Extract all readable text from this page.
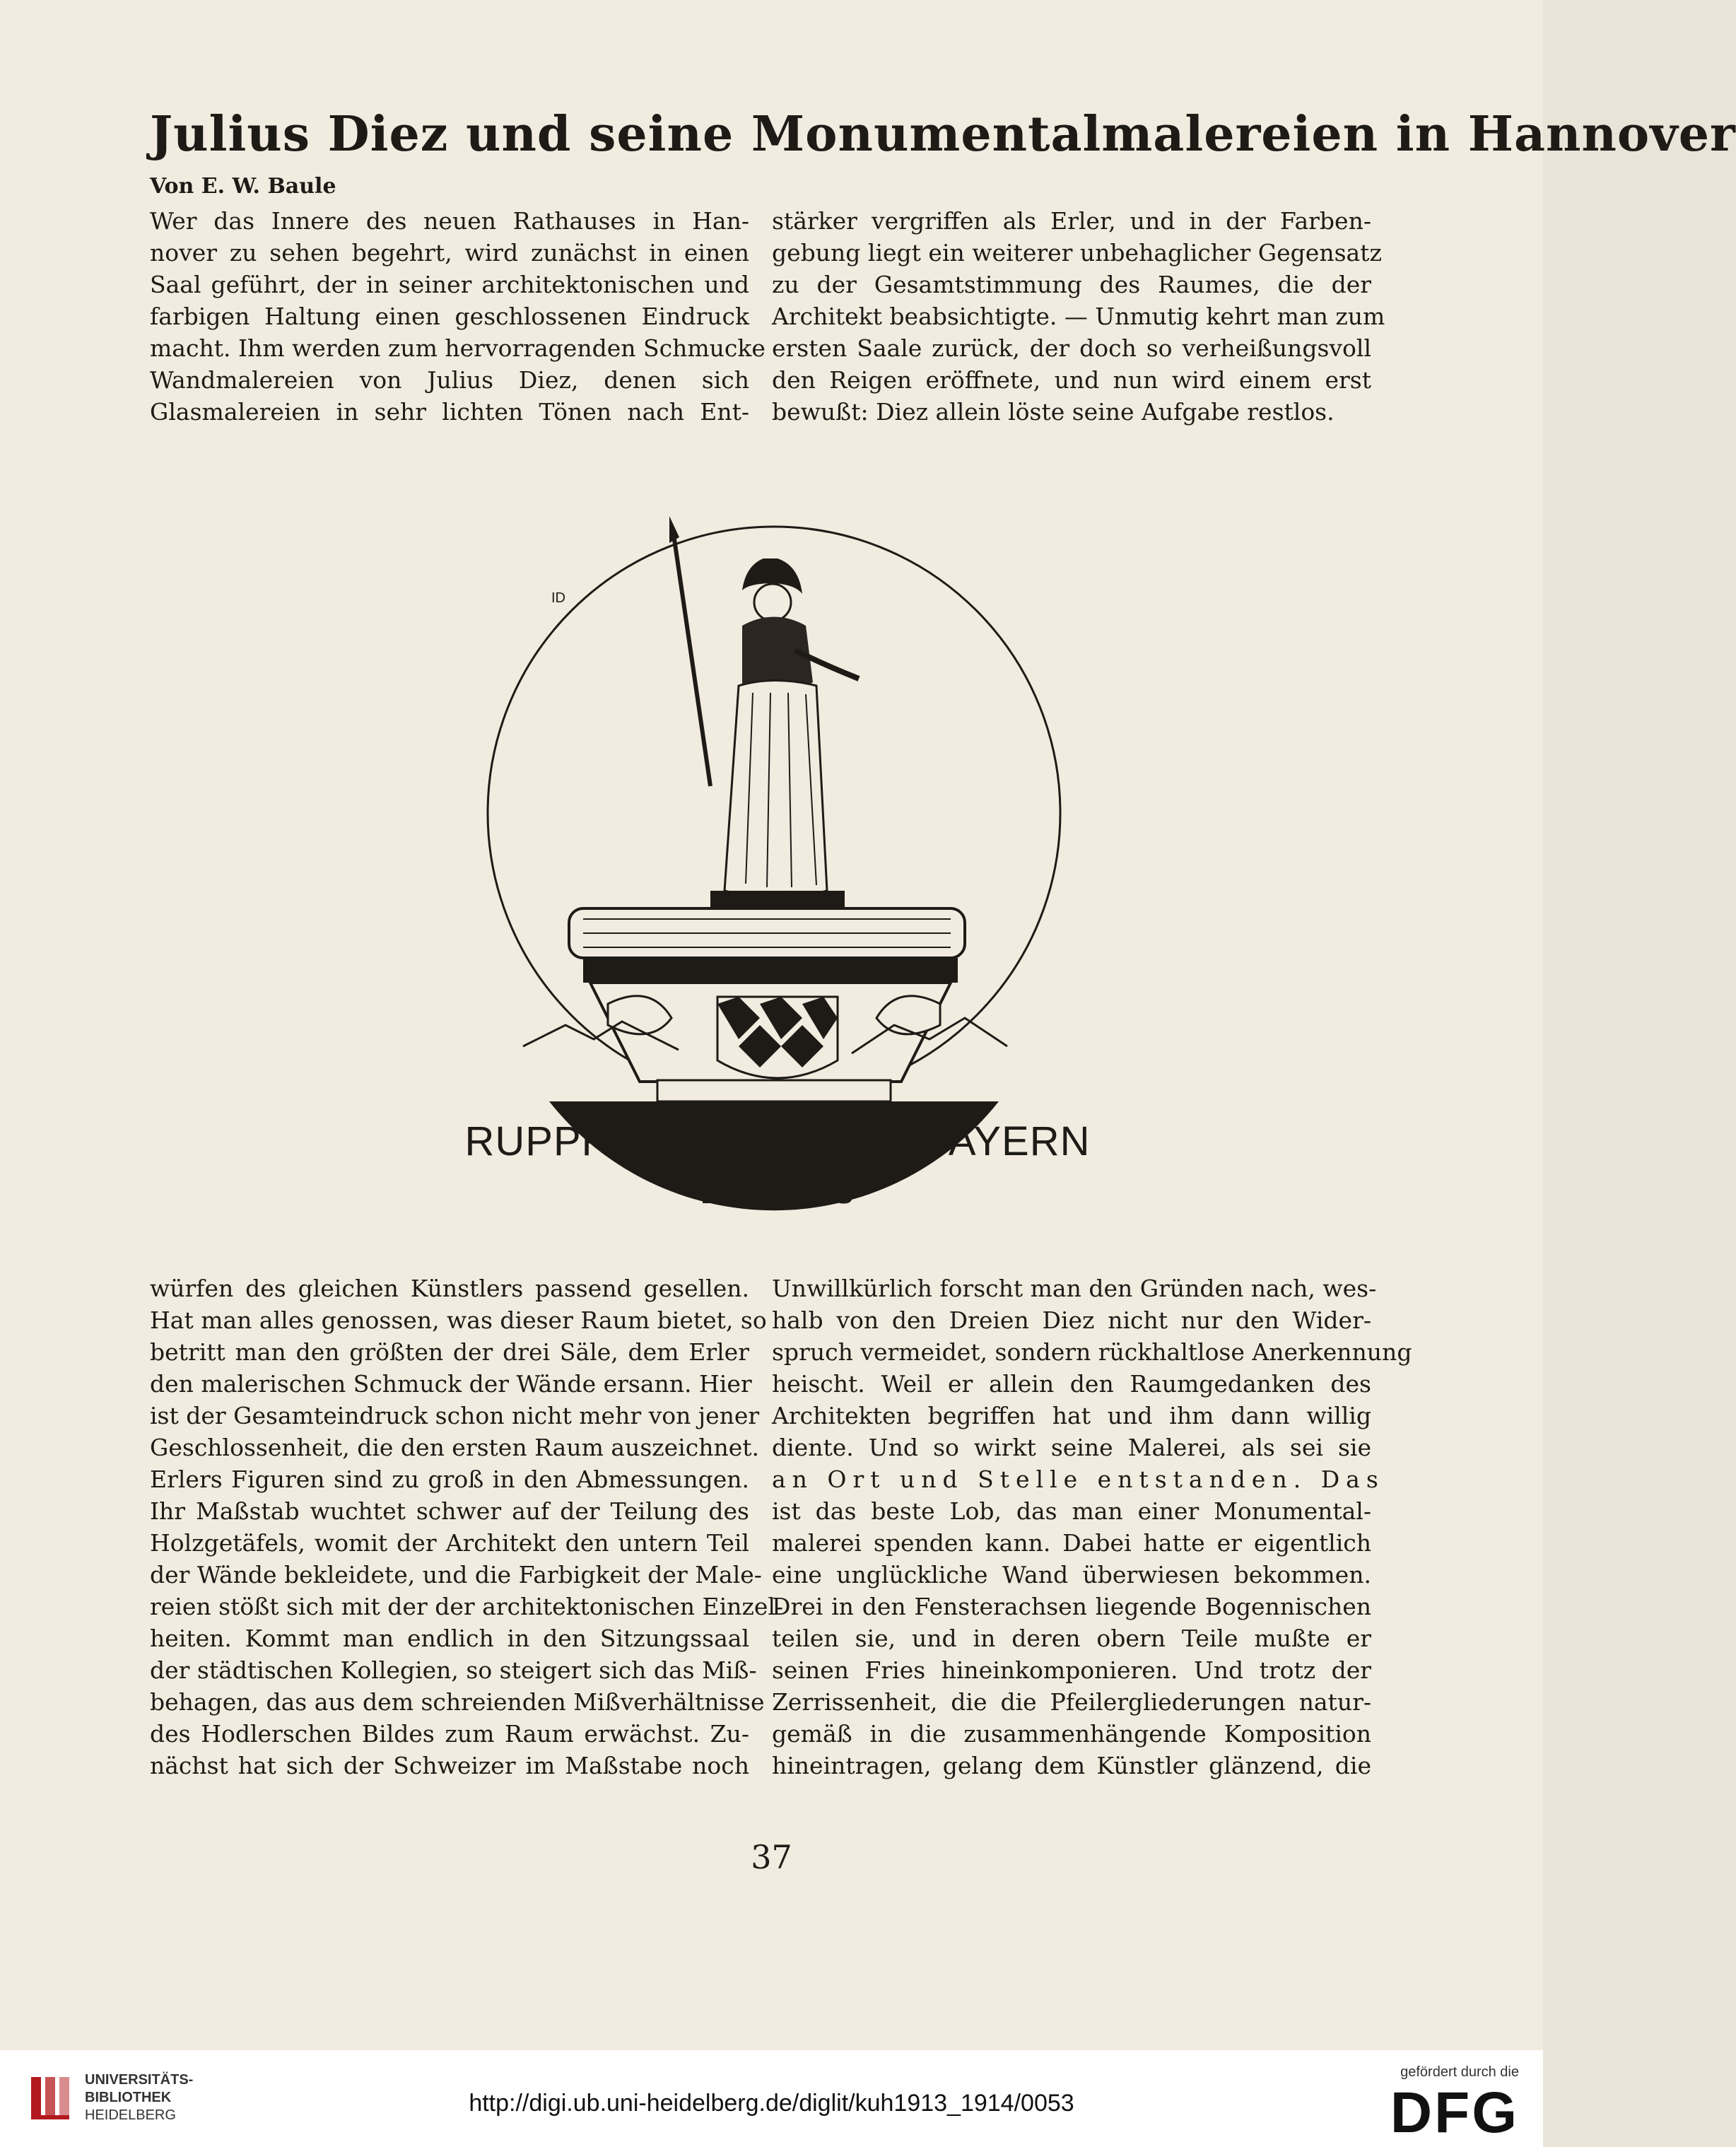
Julius Diez und seine Monumentalmalereien in Hannover
Von E. W. Baule
Wer das Innere des neuen Rathauses in Han-
nover zu sehen begehrt, wird zunächst in einen
Saal geführt, der in seiner architektonischen und
farbigen Haltung einen geschlossenen Eindruck
macht. Ihm werden zum hervorragenden Schmucke
Wandmalereien von Julius Diez, denen sich
Glasmalereien in sehr lichten Tönen nach Ent-
stärker vergriffen als Erler, und in der Farben-
gebung liegt ein weiterer unbehaglicher Gegensatz
zu der Gesamtstimmung des Raumes, die der
Architekt beabsichtigte. — Unmutig kehrt man zum
ersten Saale zurück, der doch so verheißungsvoll
den Reigen eröffnete, und nun wird einem erst
bewußt: Diez allein löste seine Aufgabe restlos.
ID
RUPPRECHT, PRINZVONBAYERN
EX LIBRIS
würfen des gleichen Künstlers passend gesellen.
Hat man alles genossen, was dieser Raum bietet, so
betritt man den größten der drei Säle, dem Erler
den malerischen Schmuck der Wände ersann. Hier
ist der Gesamteindruck schon nicht mehr von jener
Geschlossenheit, die den ersten Raum auszeichnet.
Erlers Figuren sind zu groß in den Abmessungen.
Ihr Maßstab wuchtet schwer auf der Teilung des
Holzgetäfels, womit der Architekt den untern Teil
der Wände bekleidete, und die Farbigkeit der Male-
reien stößt sich mit der der architektonischen Einzel-
heiten. Kommt man endlich in den Sitzungssaal
der städtischen Kollegien, so steigert sich das Miß-
behagen, das aus dem schreienden Mißverhältnisse
des Hodlerschen Bildes zum Raum erwächst. Zu-
nächst hat sich der Schweizer im Maßstabe noch
Unwillkürlich forscht man den Gründen nach, wes-
halb von den Dreien Diez nicht nur den Wider-
spruch vermeidet, sondern rückhaltlose Anerkennung
heischt. Weil er allein den Raumgedanken des
Architekten begriffen hat und ihm dann willig
diente. Und so wirkt seine Malerei, als sei sie
an Ort und Stelle entstanden. Das
ist das beste Lob, das man einer Monumental-
malerei spenden kann. Dabei hatte er eigentlich
eine unglückliche Wand überwiesen bekommen.
Drei in den Fensterachsen liegende Bogennischen
teilen sie, und in deren obern Teile mußte er
seinen Fries hineinkomponieren. Und trotz der
Zerrissenheit, die die Pfeilergliederungen natur-
gemäß in die zusammenhängende Komposition
hineintragen, gelang dem Künstler glänzend, die
37
UNIVERSITÄTS-
BIBLIOTHEK
HEIDELBERG	http://digi.ub.uni-heidelberg.de/diglit/kuh1913_1914/0053
gefördert durch die
DFG
